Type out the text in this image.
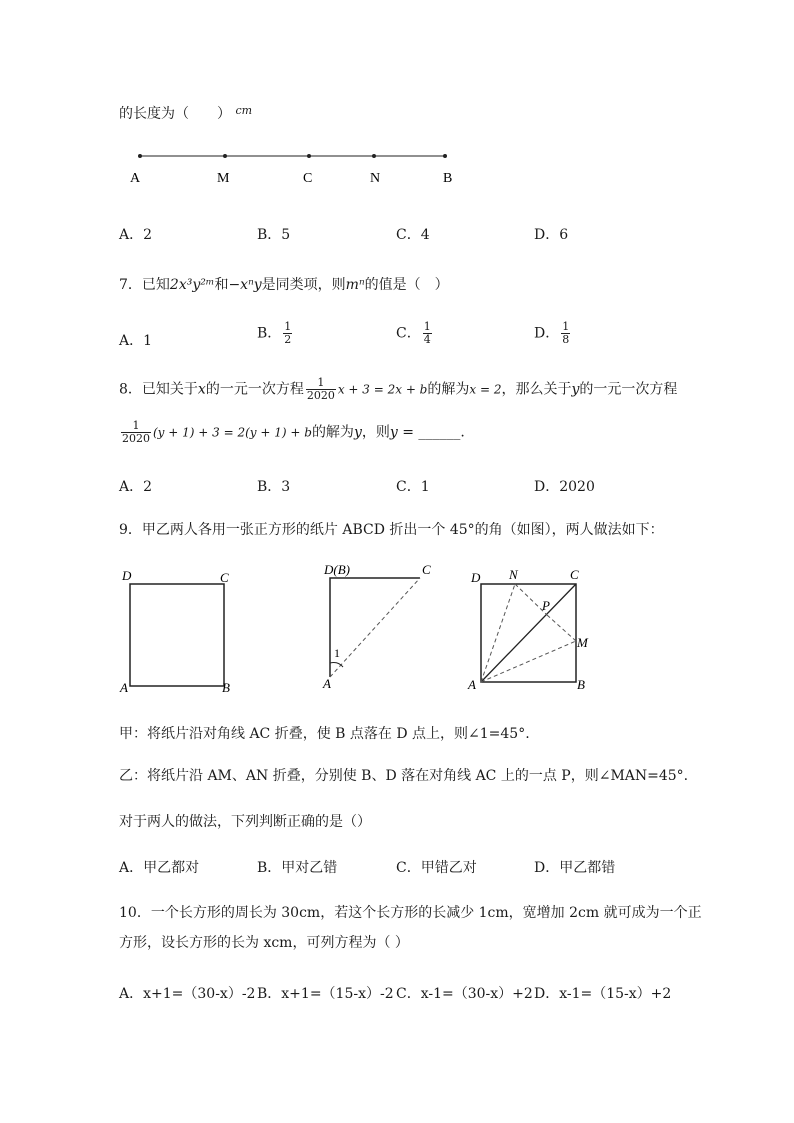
的长度为（　　） $^{cm}$
A	M	C	N	B
A．2	B．5	C．4	D．6
7．已知2x³y²ᵐ和−xⁿy是同类项，则mⁿ的值是（　）
A．1	B． $\frac{1}{2}$	C． $\frac{1}{4}$	D． $\frac{1}{8}$
8．已知关于x的一元一次方程 $\frac{1}{2020}$ x + 3 = 2x + b的解为x = 2，那么关于y的一元一次方程
$\frac{1}{2020} (y + 1) + 3 = 2(y + 1) + b$的解为y，则y = ______.
A．2	B．3	C．1	D．2020
9．甲乙两人各用一张正方形的纸片 ABCD 折出一个 45°的角（如图），两人做法如下：
D	C
A	B
D(B)	C
A
1
D N	C
P
M
A	B
甲：将纸片沿对角线 AC 折叠，使 B 点落在 D 点上，则∠1=45°.
乙：将纸片沿 AM、AN 折叠，分别使 B、D 落在对角线 AC 上的一点 P，则∠MAN=45°.
对于两人的做法，下列判断正确的是（）
A．甲乙都对	B．甲对乙错	C．甲错乙对	D．甲乙都错
10．一个长方形的周长为 30cm，若这个长方形的长减少 1cm，宽增加 2cm 就可成为一个正
方形，设长方形的长为 xcm，可列方程为（ ）
A．x+1=（30-x）-2 B．x+1=（15-x）-2 C．x-1=（30-x）+2 D．x-1=（15-x）+2
